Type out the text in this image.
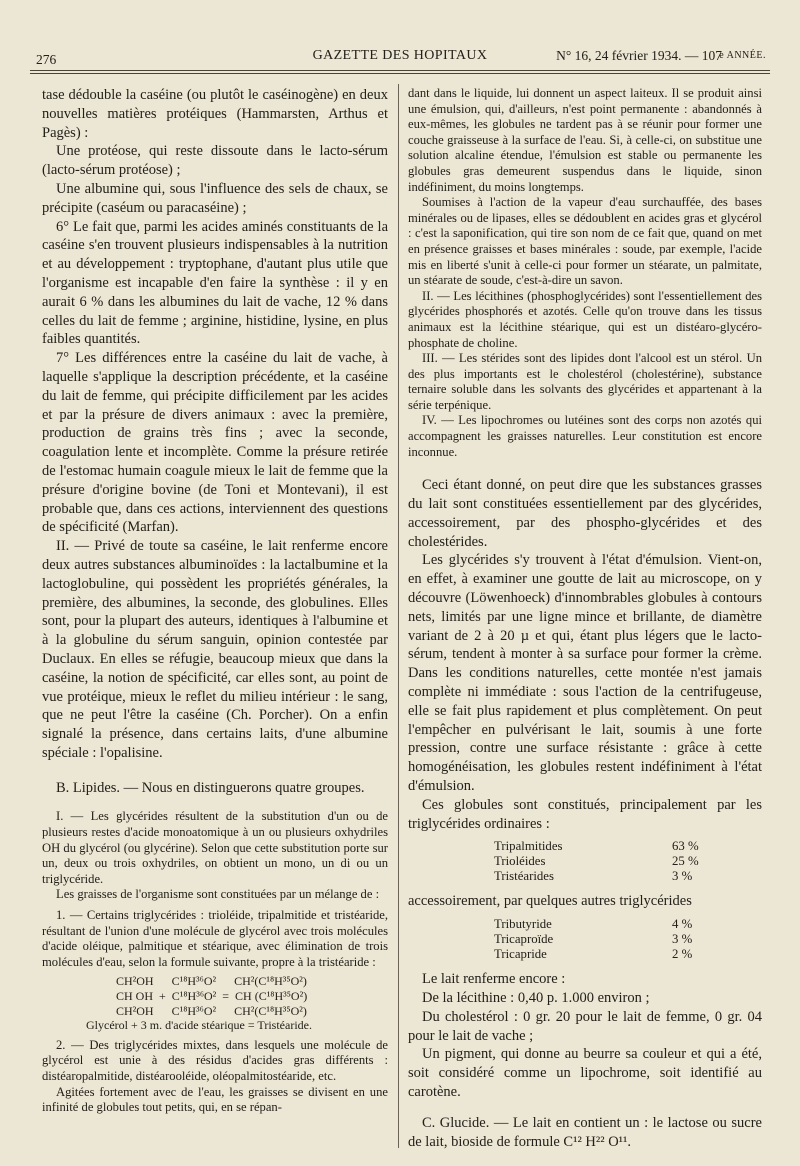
276	GAZETTE DES HOPITAUX	N° 16, 24 février 1934. — 107
e ANNÉE.

tase dédouble la caséine (ou plutôt le caséinogène) en deux nouvelles matières protéiques (Hammarsten, Arthus et Pagès) :

Une protéose, qui reste dissoute dans le lacto-sérum (lacto-sérum protéose) ;

Une albumine qui, sous l'influence des sels de chaux, se précipite (caséum ou paracaséine) ;

6° Le fait que, parmi les acides aminés constituants de la caséine s'en trouvent plusieurs indispensables à la nutrition et au développement : tryptophane, d'autant plus utile que l'organisme est incapable d'en faire la synthèse : il y en aurait 6 % dans les albumines du lait de vache, 12 % dans celles du lait de femme ; arginine, histidine, lysine, en plus faibles quantités.

7° Les différences entre la caséine du lait de vache, à laquelle s'applique la description précédente, et la caséine du lait de femme, qui précipite difficilement par les acides et par la présure de divers animaux : avec la première, production de grains très fins ; avec la seconde, coagulation lente et incomplète. Comme la présure retirée de l'estomac humain coagule mieux le lait de femme que la présure d'origine bovine (de Toni et Montevani), il est probable que, dans ces actions, interviennent des questions de spécificité (Marfan).

II. — Privé de toute sa caséine, le lait renferme encore deux autres substances albuminoïdes : la lactalbumine et la lactoglobuline, qui possèdent les propriétés générales, la première, des albumines, la seconde, des globulines. Elles sont, pour la plupart des auteurs, identiques à l'albumine et à la globuline du sérum sanguin, opinion contestée par Duclaux. En elles se réfugie, beaucoup mieux que dans la caséine, la notion de spécificité, car elles sont, au point de vue protéique, mieux le reflet du milieu intérieur : le sang, que ne peut l'être la caséine (Ch. Porcher). On a enfin signalé la présence, dans certains laits, d'une albumine spéciale : l'opalisine.

B. Lipides. — Nous en distinguerons quatre groupes.

I. — Les glycérides résultent de la substitution d'un ou de plusieurs restes d'acide monoatomique à un ou plusieurs oxhydriles OH du glycérol (ou glycérine). Selon que cette substitution porte sur un, deux ou trois oxhydriles, on obtient un mono, un di ou un triglycéride.

Les graisses de l'organisme sont constituées par un mélange de :

1. — Certains triglycérides : trioléide, tripalmitide et tristéaride, résultant de l'union d'une molécule de glycérol avec trois molécules d'acide oléique, palmitique et stéarique, avec élimination de trois molécules d'eau, selon la formule suivante, propre à la tristéaride :

CH²OH      C¹⁸H³⁶O²      CH²(C¹⁸H³⁵O²)
CH OH  +  C¹⁸H³⁶O²  =  CH (C¹⁸H³⁵O²)
CH²OH      C¹⁸H³⁶O²      CH²(C¹⁸H³⁵O²)
Glycérol + 3 m. d'acide stéarique = Tristéaride.

2. — Des triglycérides mixtes, dans lesquels une molécule de glycérol est unie à des résidus d'acides gras différents : distéaropalmitide, distéarooléide, oléopalmitostéaride, etc.

Agitées fortement avec de l'eau, les graisses se divisent en une infinité de globules tout petits, qui, en se répan-

dant dans le liquide, lui donnent un aspect laiteux. Il se produit ainsi une émulsion, qui, d'ailleurs, n'est point permanente : abandonnés à eux-mêmes, les globules ne tardent pas à se réunir pour former une couche graisseuse à la surface de l'eau. Si, à celle-ci, on substitue une solution alcaline étendue, l'émulsion est stable ou permanente les globules gras demeurent suspendus dans le liquide, sinon indéfiniment, du moins longtemps.

Soumises à l'action de la vapeur d'eau surchauffée, des bases minérales ou de lipases, elles se dédoublent en acides gras et glycérol : c'est la saponification, qui tire son nom de ce fait que, quand on met en présence graisses et bases minérales : soude, par exemple, l'acide mis en liberté s'unit à celle-ci pour former un stéarate, un palmitate, un stéarate de soude, c'est-à-dire un savon.

II. — Les lécithines (phosphoglycérides) sont l'essentiellement des glycérides phosphorés et azotés. Celle qu'on trouve dans les tissus animaux est la lécithine stéarique, qui est un distéaro-glycéro-phosphate de choline.

III. — Les stérides sont des lipides dont l'alcool est un stérol. Un des plus importants est le cholestérol (cholestérine), substance ternaire soluble dans les solvants des glycérides et appartenant à la série terpénique.

IV. — Les lipochromes ou lutéines sont des corps non azotés qui accompagnent les graisses naturelles. Leur constitution est encore inconnue.

Ceci étant donné, on peut dire que les substances grasses du lait sont constituées essentiellement par des glycérides, accessoirement, par des phospho-glycérides et des cholestérides.

Les glycérides s'y trouvent à l'état d'émulsion. Vient-on, en effet, à examiner une goutte de lait au microscope, on y découvre (Löwenhoeck) d'innombrables globules à contours nets, limités par une ligne mince et brillante, de diamètre variant de 2 à 20 µ et qui, étant plus légers que le lacto-sérum, tendent à monter à sa surface pour former la crème. Dans les conditions naturelles, cette montée n'est jamais complète ni immédiate : sous l'action de la centrifugeuse, elle se fait plus rapidement et plus complètement. On peut l'empêcher en pulvérisant le lait, soumis à une forte pression, contre une surface résistante : grâce à cette homogénéisation, les globules restent indéfiniment à l'état d'émulsion.

Ces globules sont constitués, principalement par les triglycérides ordinaires :

Tripalmitides	63 %
Trioléides	25 %
Tristéarides	3 %

accessoirement, par quelques autres triglycérides

Tributyride	4 %
Tricaproïde	3 %
Tricapride	2 %

Le lait renferme encore :

De la lécithine : 0,40 p. 1.000 environ ;

Du cholestérol : 0 gr. 20 pour le lait de femme, 0 gr. 04 pour le lait de vache ;

Un pigment, qui donne au beurre sa couleur et qui a été, soit considéré comme un lipochrome, soit identifié au carotène.

C. Glucide. — Le lait en contient un : le lactose ou sucre de lait, bioside de formule C¹² H²² O¹¹.
